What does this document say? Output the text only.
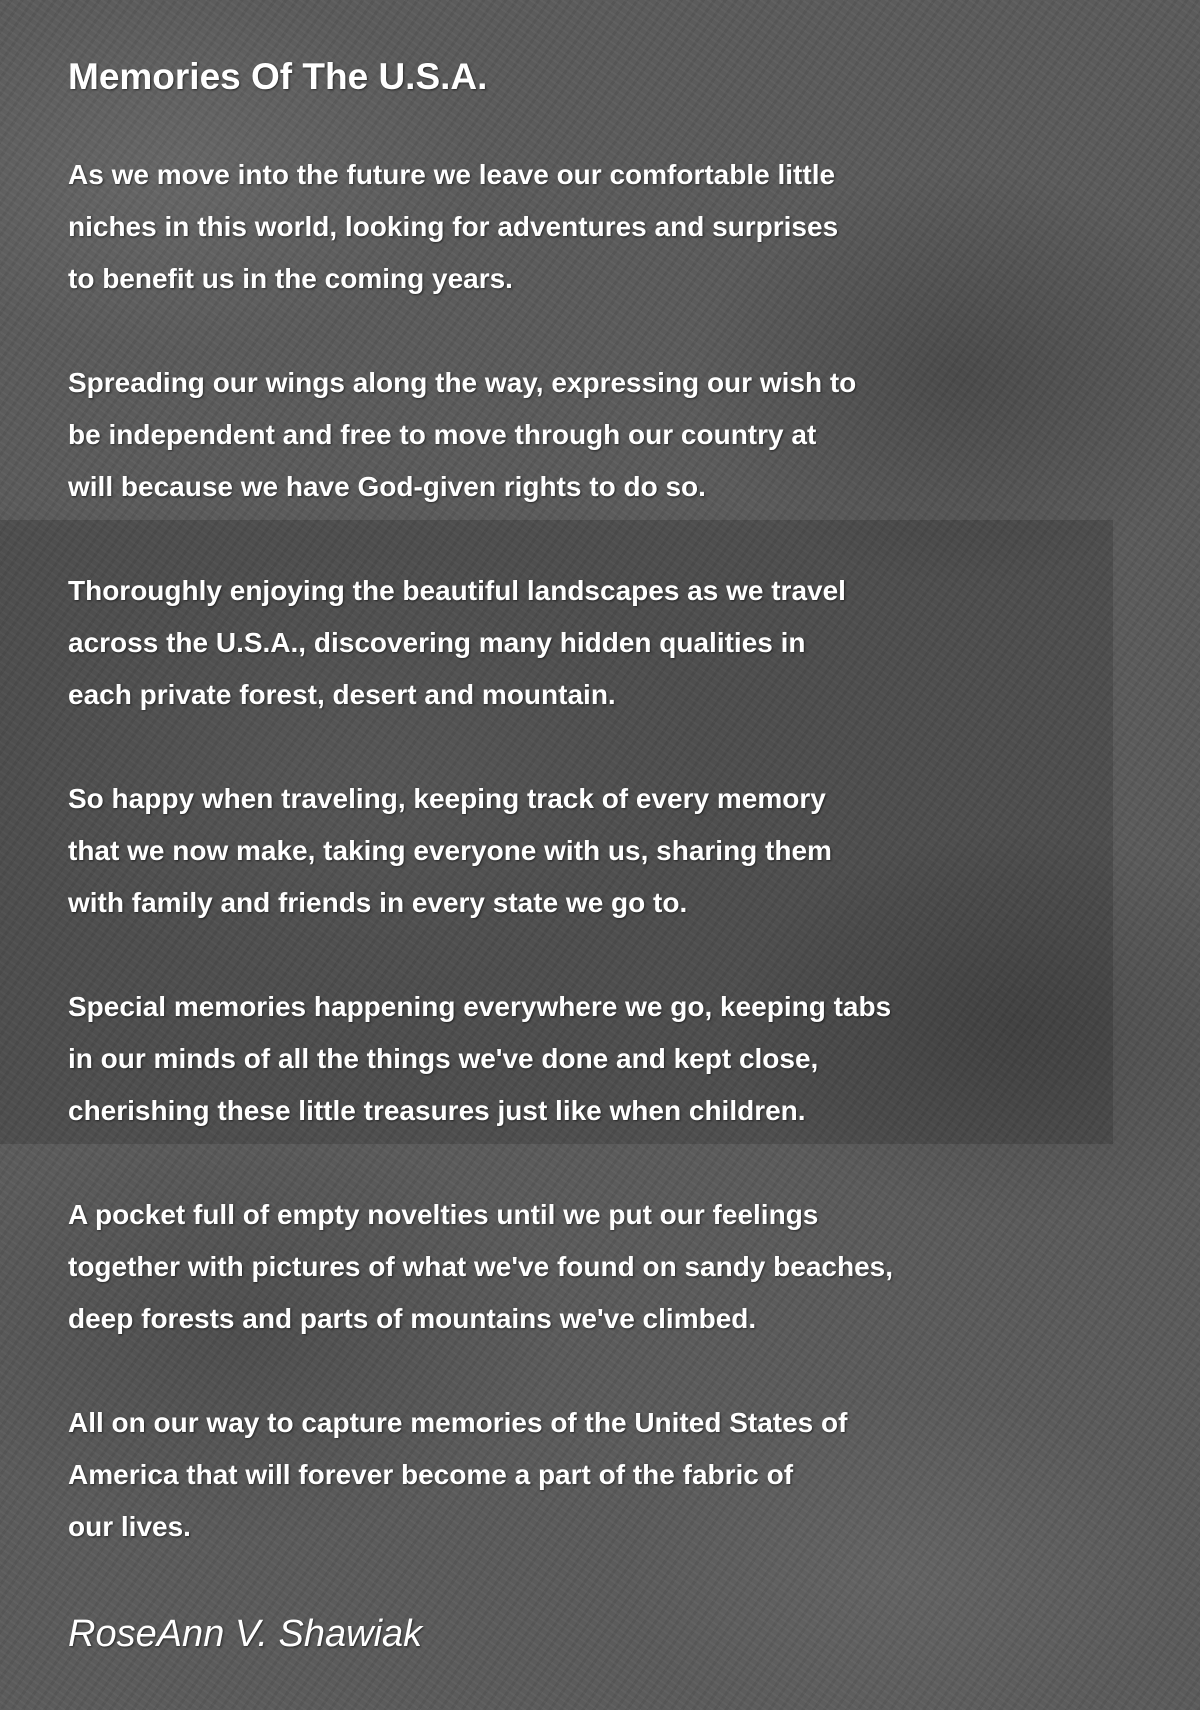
Memories Of The U.S.A.

As we move into the future we leave our comfortable little
niches in this world, looking for adventures and surprises
to benefit us in the coming years.

Spreading our wings along the way, expressing our wish to
be independent and free to move through our country at
will because we have God-given rights to do so.

Thoroughly enjoying the beautiful landscapes as we travel
across the U.S.A., discovering many hidden qualities in
each private forest, desert and mountain.

So happy when traveling, keeping track of every memory
that we now make, taking everyone with us, sharing them
with family and friends in every state we go to.

Special memories happening everywhere we go, keeping tabs
in our minds of all the things we've done and kept close,
cherishing these little treasures just like when children.

A pocket full of empty novelties until we put our feelings
together with pictures of what we've found on sandy beaches,
deep forests and parts of mountains we've climbed.

All on our way to capture memories of the United States of
America that will forever become a part of the fabric of
our lives.

RoseAnn V. Shawiak
